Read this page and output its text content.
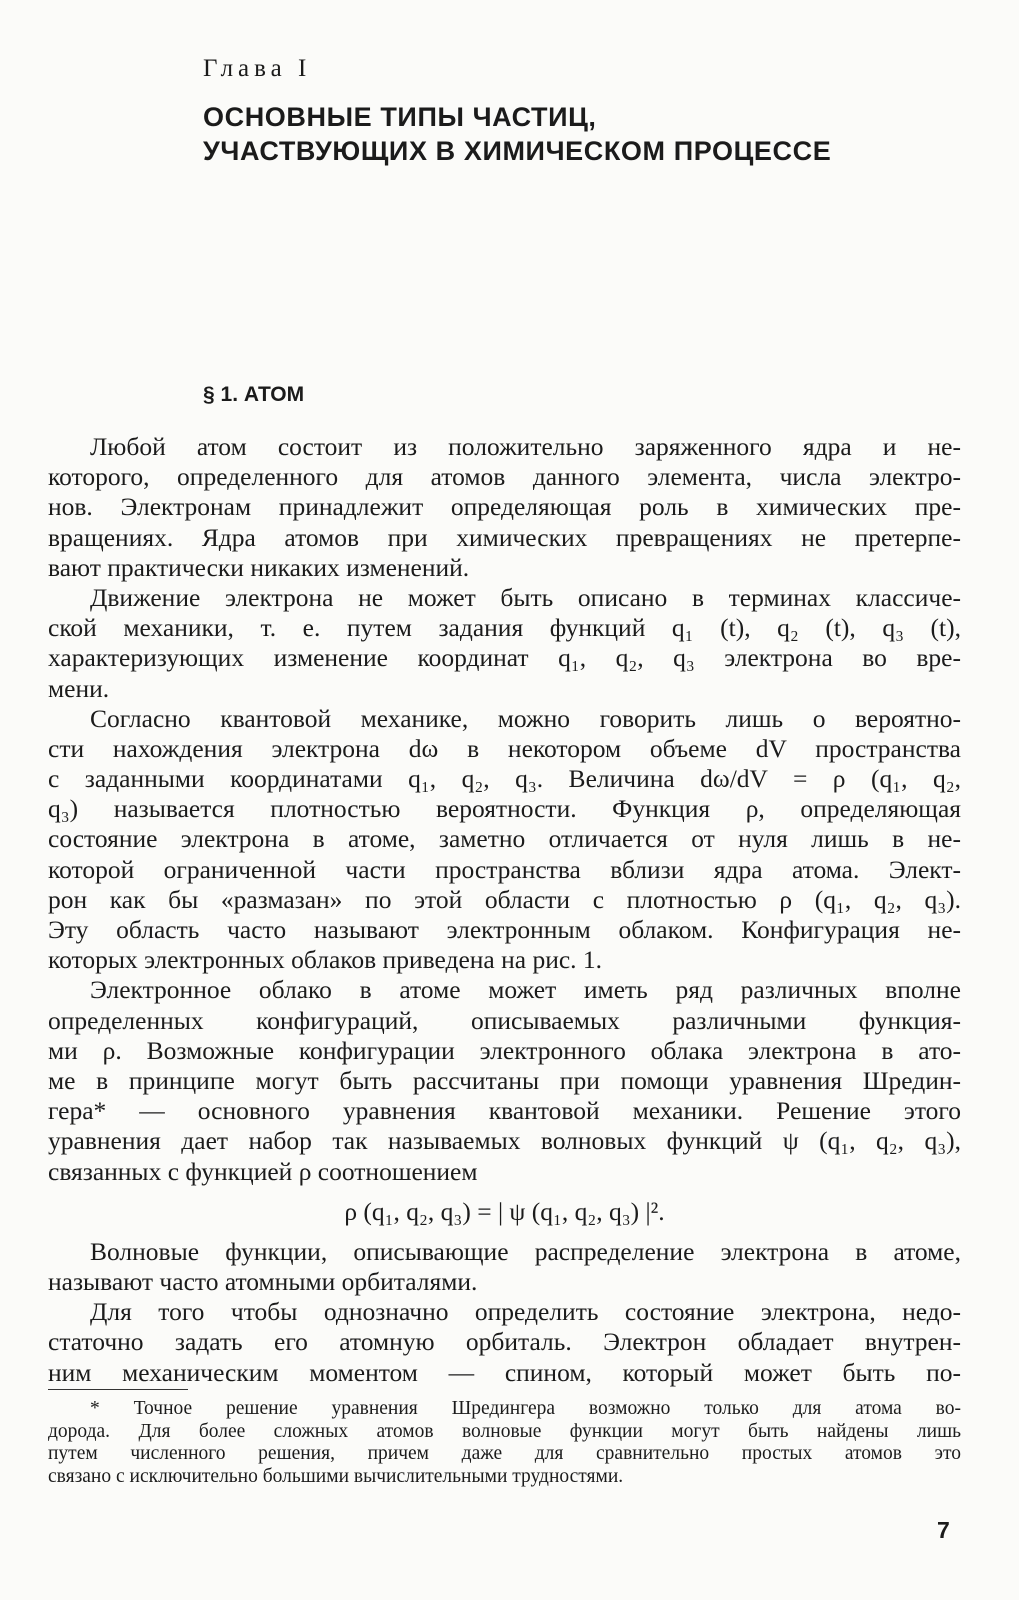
Глава I
ОСНОВНЫЕ ТИПЫ ЧАСТИЦ,
УЧАСТВУЮЩИХ В ХИМИЧЕСКОМ ПРОЦЕССЕ
§ 1. АТОМ

Любой атом состоит из положительно заряженного ядра и не-
которого, определенного для атомов данного элемента, числа электро-
нов. Электронам принадлежит определяющая роль в химических пре-
вращениях. Ядра атомов при химических превращениях не претерпе-
вают практически никаких изменений.

Движение электрона не может быть описано в терминах классиче-
ской механики, т. е. путем задания функций q₁ (t), q₂ (t), q₃ (t),
характеризующих изменение координат q₁, q₂, q₃ электрона во вре-
мени.

Согласно квантовой механике, можно говорить лишь о вероятно-
сти нахождения электрона dω в некотором объеме dV пространства
с заданными координатами q₁, q₂, q₃. Величина dω/dV = ρ (q₁, q₂,
q₃) называется плотностью вероятности. Функция ρ, определяющая
состояние электрона в атоме, заметно отличается от нуля лишь в не-
которой ограниченной части пространства вблизи ядра атома. Элект-
рон как бы «размазан» по этой области с плотностью ρ (q₁, q₂, q₃).
Эту область часто называют электронным облаком. Конфигурация не-
которых электронных облаков приведена на рис. 1.

Электронное облако в атоме может иметь ряд различных вполне
определенных конфигураций, описываемых различными функция-
ми ρ. Возможные конфигурации электронного облака электрона в ато-
ме в принципе могут быть рассчитаны при помощи уравнения Шредин-
гера* — основного уравнения квантовой механики. Решение этого
уравнения дает набор так называемых волновых функций ψ (q₁, q₂, q₃),
связанных с функцией ρ соотношением

ρ (q₁, q₂, q₃) = | ψ (q₁, q₂, q₃) |².

Волновые функции, описывающие распределение электрона в атоме,
называют часто атомными орбиталями.

Для того чтобы однозначно определить состояние электрона, недо-
статочно задать его атомную орбиталь. Электрон обладает внутрен-
ним механическим моментом — спином, который может быть по-

* Точное решение уравнения Шредингера возможно только для атома во-
дорода. Для более сложных атомов волновые функции могут быть найдены лишь
путем численного решения, причем даже для сравнительно простых атомов это
связано с исключительно большими вычислительными трудностями.
7
